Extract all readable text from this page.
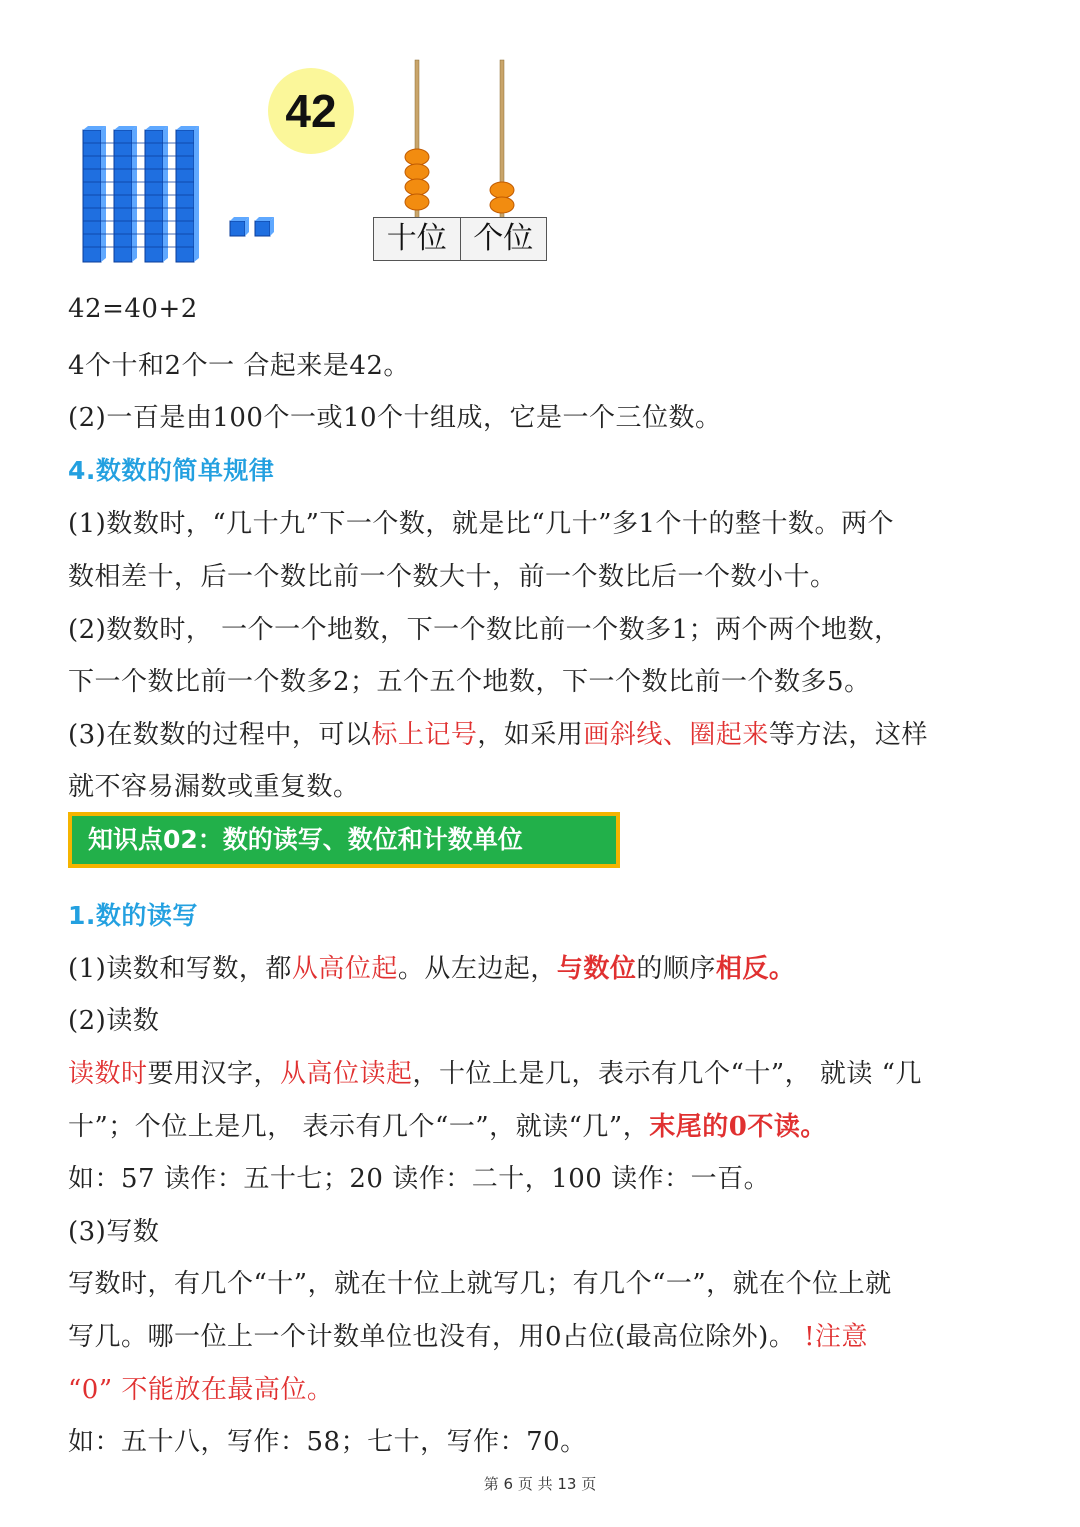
42
十位 个位
42=40+2
4个十和2个一 合起来是42。
(2)一百是由100个一或10个十组成，它是一个三位数。
4.数数的简单规律
(1)数数时，“几十九”下一个数，就是比“几十”多1个十的整十数。两个
数相差十，后一个数比前一个数大十，前一个数比后一个数小十。
(2)数数时， 一个一个地数，下一个数比前一个数多1；两个两个地数，
下一个数比前一个数多2；五个五个地数，下一个数比前一个数多5。
(3)在数数的过程中，可以标上记号，如采用画斜线、圈起来等方法，这样
就不容易漏数或重复数。
知识点02：数的读写、数位和计数单位
1.数的读写
(1)读数和写数，都从高位起。从左边起，与数位的顺序相反。
(2)读数
读数时要用汉字，从高位读起，十位上是几，表示有几个“十”， 就读 “几
十”；个位上是几， 表示有几个“一”，就读“几”，末尾的0不读。
如：57 读作：五十七；20 读作：二十，100 读作：一百。
(3)写数
写数时，有几个“十”，就在十位上就写几；有几个“一”，就在个位上就
写几。哪一位上一个计数单位也没有，用0占位(最高位除外)。 !注意
“0” 不能放在最高位。
如：五十八，写作：58；七十，写作：70。
第 6 页 共 13 页
